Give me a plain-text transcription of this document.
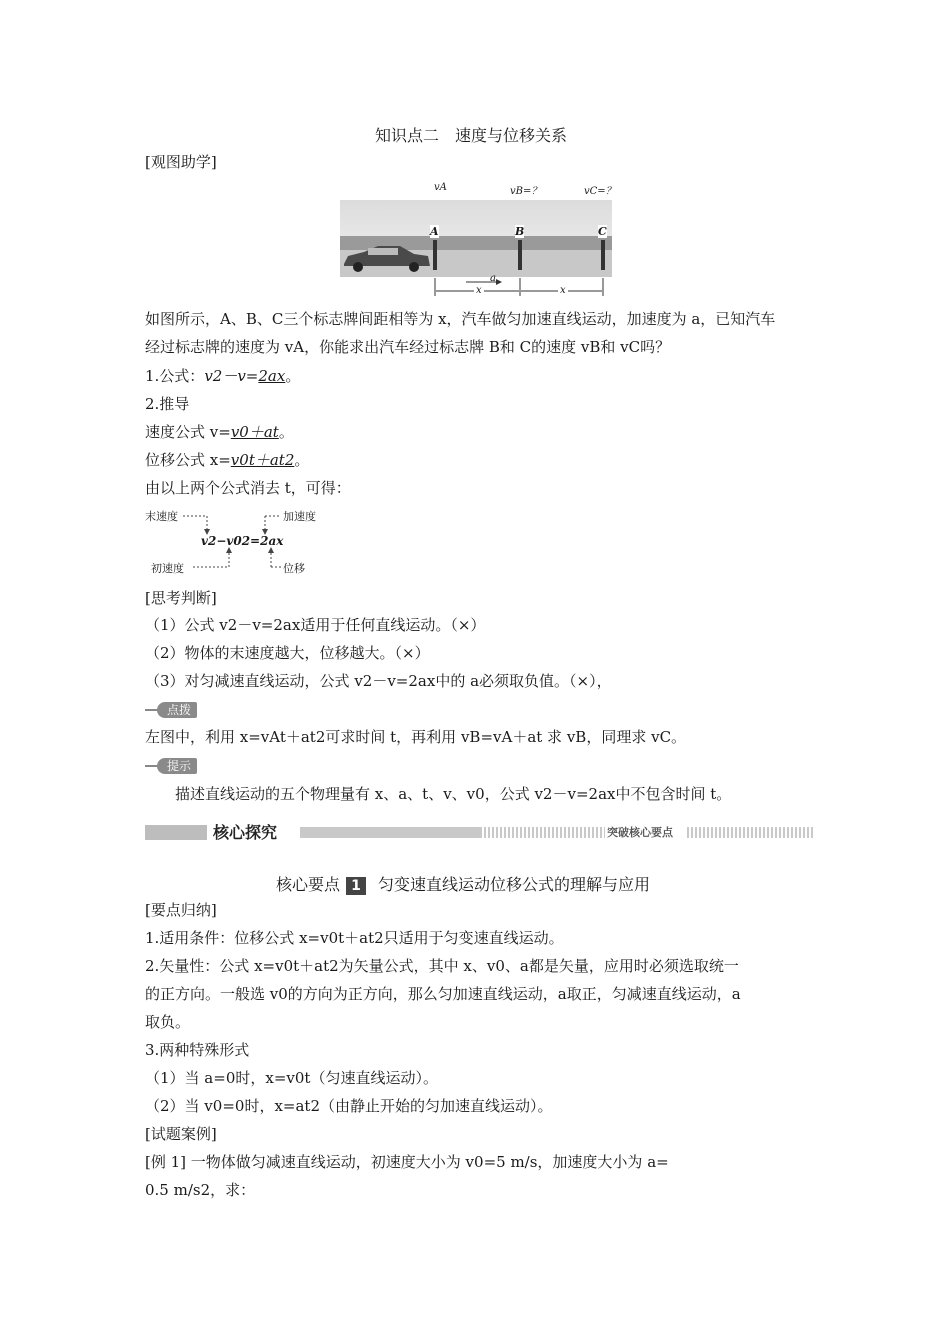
知识点二　速度与位移关系
[观图助学]
vA	vB=？	vC=？
A	B	C
a
x	x
如图所示，A、B、C三个标志牌间距相等为 x，汽车做匀加速直线运动，加速度为 a，已知汽车
经过标志牌的速度为 vA，你能求出汽车经过标志牌 B和 C的速度 vB和 vC吗？
1.公式：v2－v=2ax。
2.推导
速度公式 v=v0＋at。
位移公式 x=v0t＋at2。
由以上两个公式消去 t，可得：
末速度	加速度
v2−v02=2ax
初速度	位移
[思考判断]
（1）公式 v2－v=2ax适用于任何直线运动。（×）
（2）物体的末速度越大，位移越大。（×）
（3）对匀减速直线运动，公式 v2－v=2ax中的 a必须取负值。（×），
点拨
左图中，利用 x=vAt＋at2可求时间 t，再利用 vB=vA＋at 求 vB，同理求 vC。
提示
描述直线运动的五个物理量有 x、a、t、v、v0，公式 v2－v=2ax中不包含时间 t。
核心探究	突破核心要点
核心要点 1 匀变速直线运动位移公式的理解与应用
[要点归纳]
1.适用条件：位移公式 x=v0t＋at2只适用于匀变速直线运动。
2.矢量性：公式 x=v0t＋at2为矢量公式，其中 x、v0、a都是矢量，应用时必须选取统一
的正方向。一般选 v0的方向为正方向，那么匀加速直线运动，a取正，匀减速直线运动，a
取负。
3.两种特殊形式
（1）当 a=0时，x=v0t（匀速直线运动）。
（2）当 v0=0时，x=at2（由静止开始的匀加速直线运动）。
[试题案例]
[例 1] 一物体做匀减速直线运动，初速度大小为 v0=5 m/s，加速度大小为 a=
0.5 m/s2，求：
